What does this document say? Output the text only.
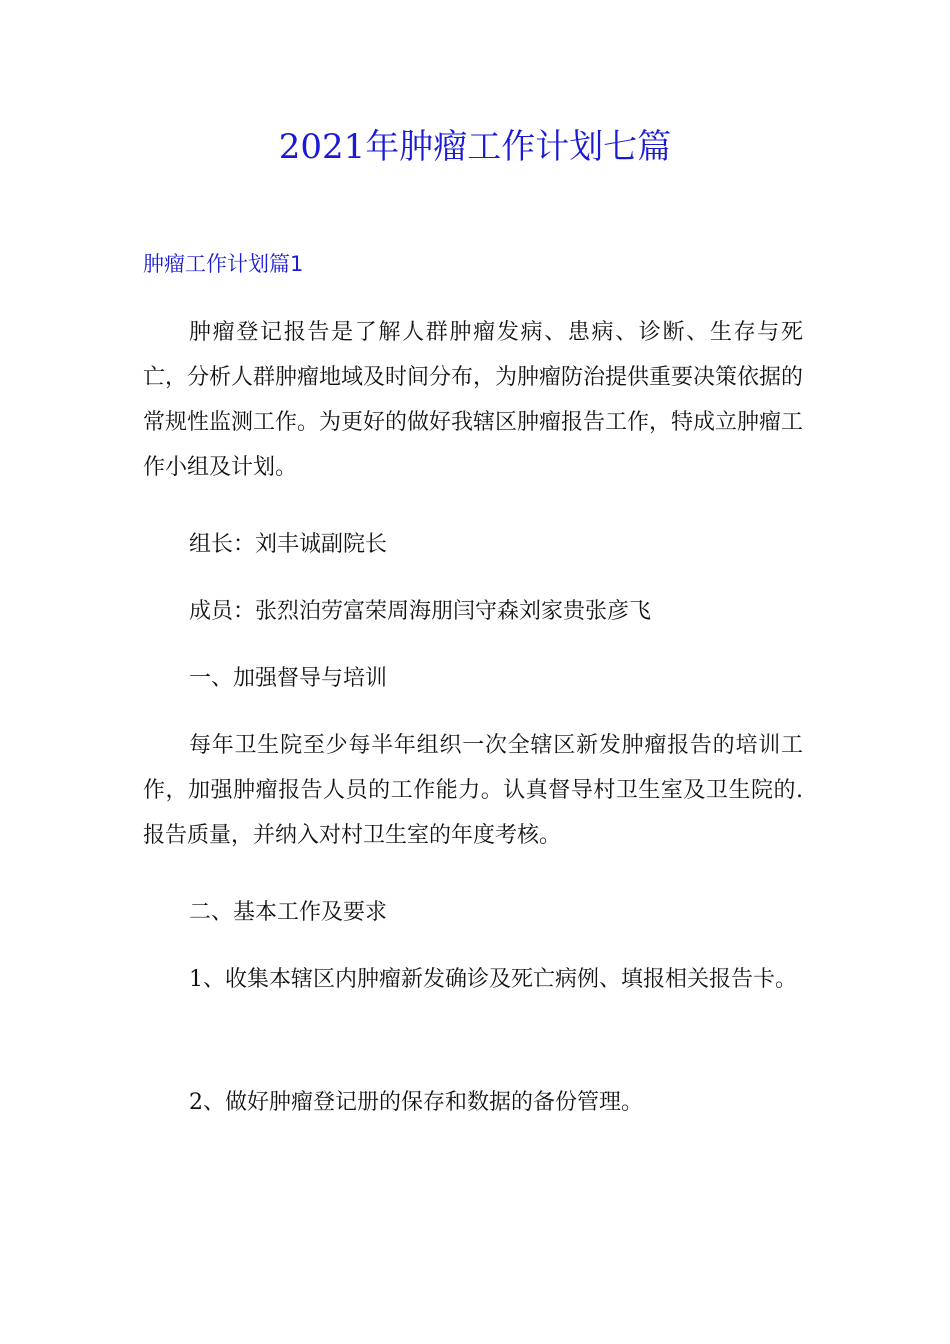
2021年肿瘤工作计划七篇
肿瘤工作计划篇1

肿瘤登记报告是了解人群肿瘤发病、患病、诊断、生存与死亡，分析人群肿瘤地域及时间分布，为肿瘤防治提供重要决策依据的常规性监测工作。为更好的做好我辖区肿瘤报告工作，特成立肿瘤工作小组及计划。

组长：刘丰诚副院长

成员：张烈泊劳富荣周海朋闫守森刘家贵张彦飞

一、加强督导与培训

每年卫生院至少每半年组织一次全辖区新发肿瘤报告的培训工作，加强肿瘤报告人员的工作能力。认真督导村卫生室及卫生院的.报告质量，并纳入对村卫生室的年度考核。

二、基本工作及要求

1、收集本辖区内肿瘤新发确诊及死亡病例、填报相关报告卡。

2、做好肿瘤登记册的保存和数据的备份管理。
